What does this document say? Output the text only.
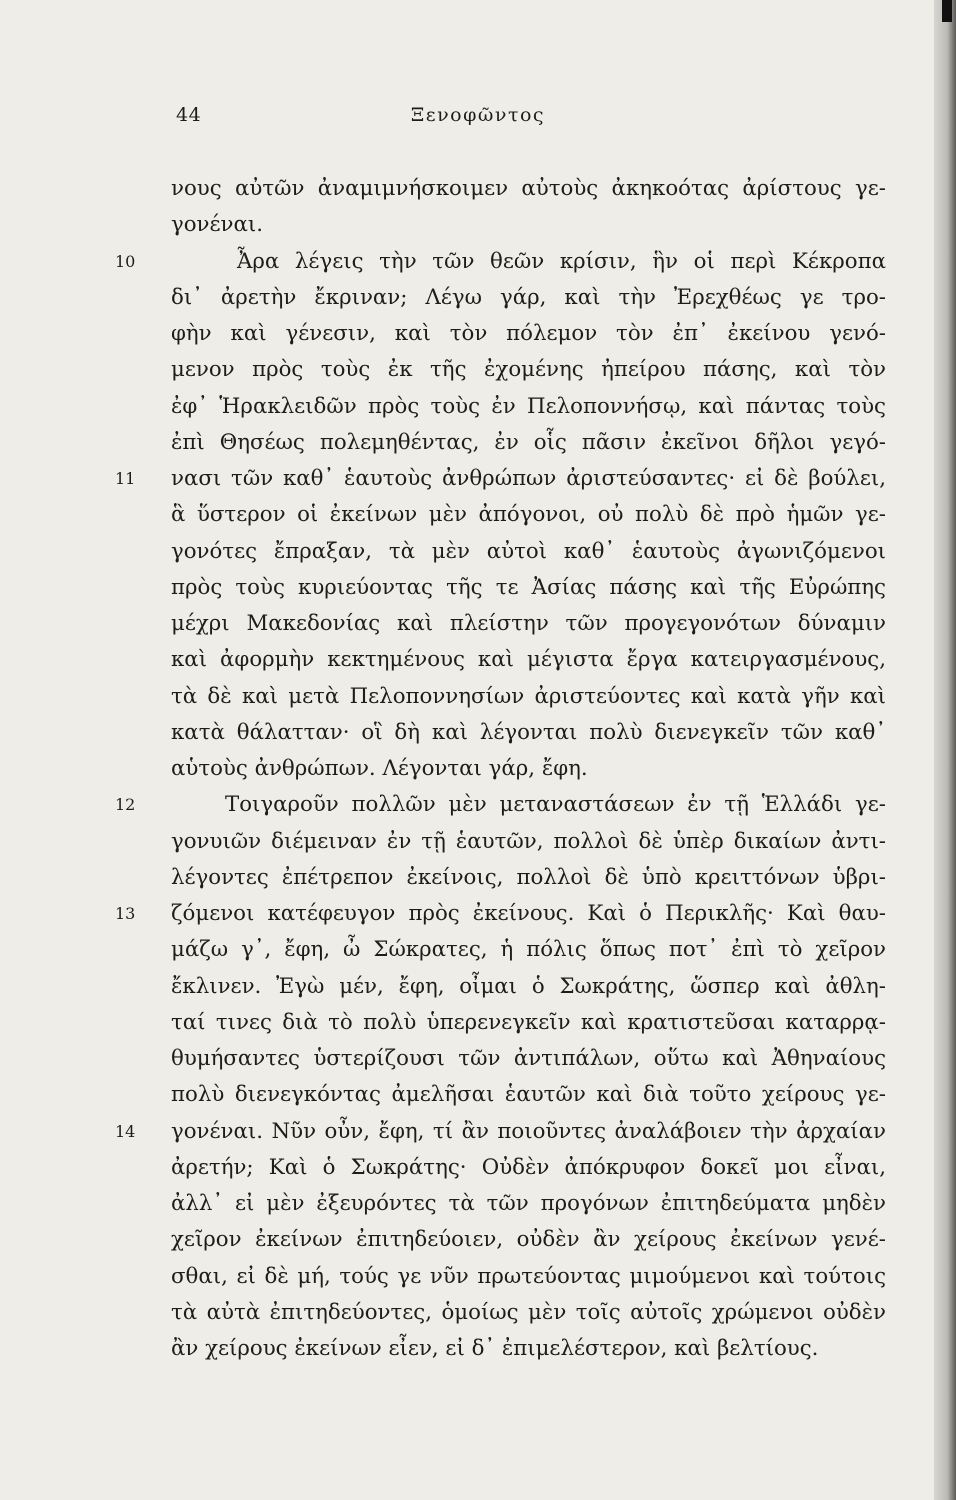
44	Ξενοφῶντος
νους αὐτῶν ἀναμιμνήσκοιμεν αὐτοὺς ἀκηκοότας ἀρίστους γε-
γονέναι.
10	Ἆρα λέγεις τὴν τῶν θεῶν κρίσιν, ἣν οἱ περὶ Κέκροπα
δι᾿ ἀρετὴν ἔκριναν; Λέγω γάρ, καὶ τὴν Ἐρεχθέως γε τρο-
φὴν καὶ γένεσιν, καὶ τὸν πόλεμον τὸν ἐπ᾿ ἐκείνου γενό-
μενον πρὸς τοὺς ἐκ τῆς ἐχομένης ἠπείρου πάσης, καὶ τὸν
ἐφ᾿ Ἡρακλειδῶν πρὸς τοὺς ἐν Πελοποννήσῳ, καὶ πάντας τοὺς
ἐπὶ Θησέως πολεμηθέντας, ἐν οἷς πᾶσιν ἐκεῖνοι δῆλοι γεγό-
11	νασι τῶν καθ᾿ ἑαυτοὺς ἀνθρώπων ἀριστεύσαντες· εἰ δὲ βούλει,
ἃ ὕστερον οἱ ἐκείνων μὲν ἀπόγονοι, οὐ πολὺ δὲ πρὸ ἡμῶν γε-
γονότες ἔπραξαν, τὰ μὲν αὐτοὶ καθ᾿ ἑαυτοὺς ἀγωνιζόμενοι
πρὸς τοὺς κυριεύοντας τῆς τε Ἀσίας πάσης καὶ τῆς Εὐρώπης
μέχρι Μακεδονίας καὶ πλείστην τῶν προγεγονότων δύναμιν
καὶ ἀφορμὴν κεκτημένους καὶ μέγιστα ἔργα κατειργασμένους,
τὰ δὲ καὶ μετὰ Πελοποννησίων ἀριστεύοντες καὶ κατὰ γῆν καὶ
κατὰ θάλατταν· οἳ δὴ καὶ λέγονται πολὺ διενεγκεῖν τῶν καθ᾿
αὑτοὺς ἀνθρώπων. Λέγονται γάρ, ἔφη.
12	Τοιγαροῦν πολλῶν μὲν μεταναστάσεων ἐν τῇ Ἑλλάδι γε-
γονυιῶν διέμειναν ἐν τῇ ἑαυτῶν, πολλοὶ δὲ ὑπὲρ δικαίων ἀντι-
λέγοντες ἐπέτρεπον ἐκείνοις, πολλοὶ δὲ ὑπὸ κρειττόνων ὑβρι-
13	ζόμενοι κατέφευγον πρὸς ἐκείνους. Καὶ ὁ Περικλῆς· Καὶ θαυ-
μάζω γ᾿, ἔφη, ὦ Σώκρατες, ἡ πόλις ὅπως ποτ᾿ ἐπὶ τὸ χεῖρον
ἔκλινεν. Ἐγὼ μέν, ἔφη, οἶμαι ὁ Σωκράτης, ὥσπερ καὶ ἀθλη-
ταί τινες διὰ τὸ πολὺ ὑπερενεγκεῖν καὶ κρατιστεῦσαι καταρρᾳ-
θυμήσαντες ὑστερίζουσι τῶν ἀντιπάλων, οὕτω καὶ Ἀθηναίους
πολὺ διενεγκόντας ἀμελῆσαι ἑαυτῶν καὶ διὰ τοῦτο χείρους γε-
14	γονέναι. Νῦν οὖν, ἔφη, τί ἂν ποιοῦντες ἀναλάβοιεν τὴν ἀρχαίαν
ἀρετήν; Καὶ ὁ Σωκράτης· Οὐδὲν ἀπόκρυφον δοκεῖ μοι εἶναι,
ἀλλ᾿ εἰ μὲν ἐξευρόντες τὰ τῶν προγόνων ἐπιτηδεύματα μηδὲν
χεῖρον ἐκείνων ἐπιτηδεύοιεν, οὐδὲν ἂν χείρους ἐκείνων γενέ-
σθαι, εἰ δὲ μή, τούς γε νῦν πρωτεύοντας μιμούμενοι καὶ τούτοις
τὰ αὐτὰ ἐπιτηδεύοντες, ὁμοίως μὲν τοῖς αὐτοῖς χρώμενοι οὐδὲν
ἂν χείρους ἐκείνων εἶεν, εἰ δ᾿ ἐπιμελέστερον, καὶ βελτίους.
